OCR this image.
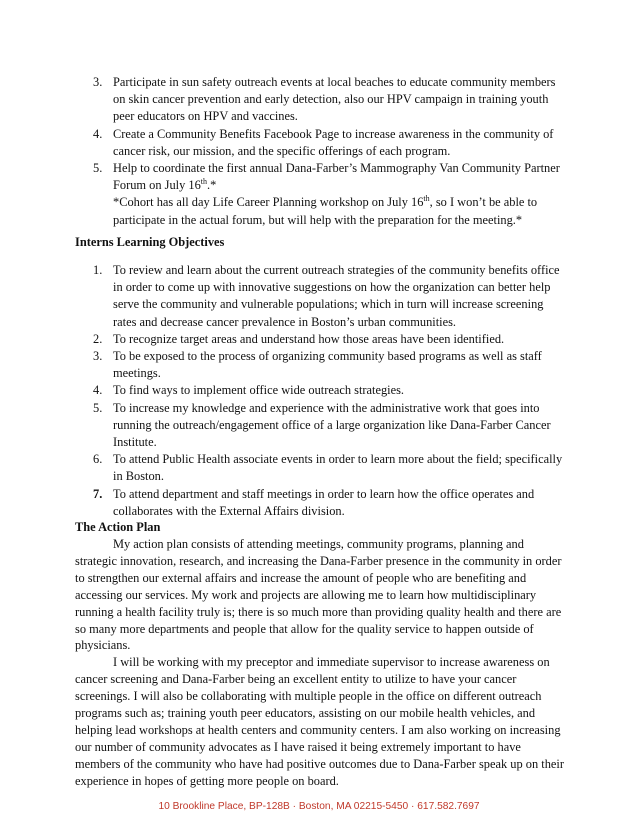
3. Participate in sun safety outreach events at local beaches to educate community members on skin cancer prevention and early detection, also our HPV campaign in training youth peer educators on HPV and vaccines.
4. Create a Community Benefits Facebook Page to increase awareness in the community of cancer risk, our mission, and the specific offerings of each program.
5. Help to coordinate the first annual Dana-Farber’s Mammography Van Community Partner Forum on July 16th.*
*Cohort has all day Life Career Planning workshop on July 16th, so I won’t be able to participate in the actual forum, but will help with the preparation for the meeting.*
Interns Learning Objectives
1. To review and learn about the current outreach strategies of the community benefits office in order to come up with innovative suggestions on how the organization can better help serve the community and vulnerable populations; which in turn will increase screening rates and decrease cancer prevalence in Boston’s urban communities.
2. To recognize target areas and understand how those areas have been identified.
3. To be exposed to the process of organizing community based programs as well as staff meetings.
4. To find ways to implement office wide outreach strategies.
5. To increase my knowledge and experience with the administrative work that goes into running the outreach/engagement office of a large organization like Dana-Farber Cancer Institute.
6. To attend Public Health associate events in order to learn more about the field; specifically in Boston.
7. To attend department and staff meetings in order to learn how the office operates and collaborates with the External Affairs division.
The Action Plan

My action plan consists of attending meetings, community programs, planning and strategic innovation, research, and increasing the Dana-Farber presence in the community in order to strengthen our external affairs and increase the amount of people who are benefiting and accessing our services. My work and projects are allowing me to learn how multidisciplinary running a health facility truly is; there is so much more than providing quality health and there are so many more departments and people that allow for the quality service to happen outside of physicians.

I will be working with my preceptor and immediate supervisor to increase awareness on cancer screening and Dana-Farber being an excellent entity to utilize to have your cancer screenings. I will also be collaborating with multiple people in the office on different outreach programs such as; training youth peer educators, assisting on our mobile health vehicles, and helping lead workshops at health centers and community centers. I am also working on increasing our number of community advocates as I have raised it being extremely important to have members of the community who have had positive outcomes due to Dana-Farber speak up on their experience in hopes of getting more people on board.

10 Brookline Place, BP-128B · Boston, MA 02215-5450 · 617.582.7697
